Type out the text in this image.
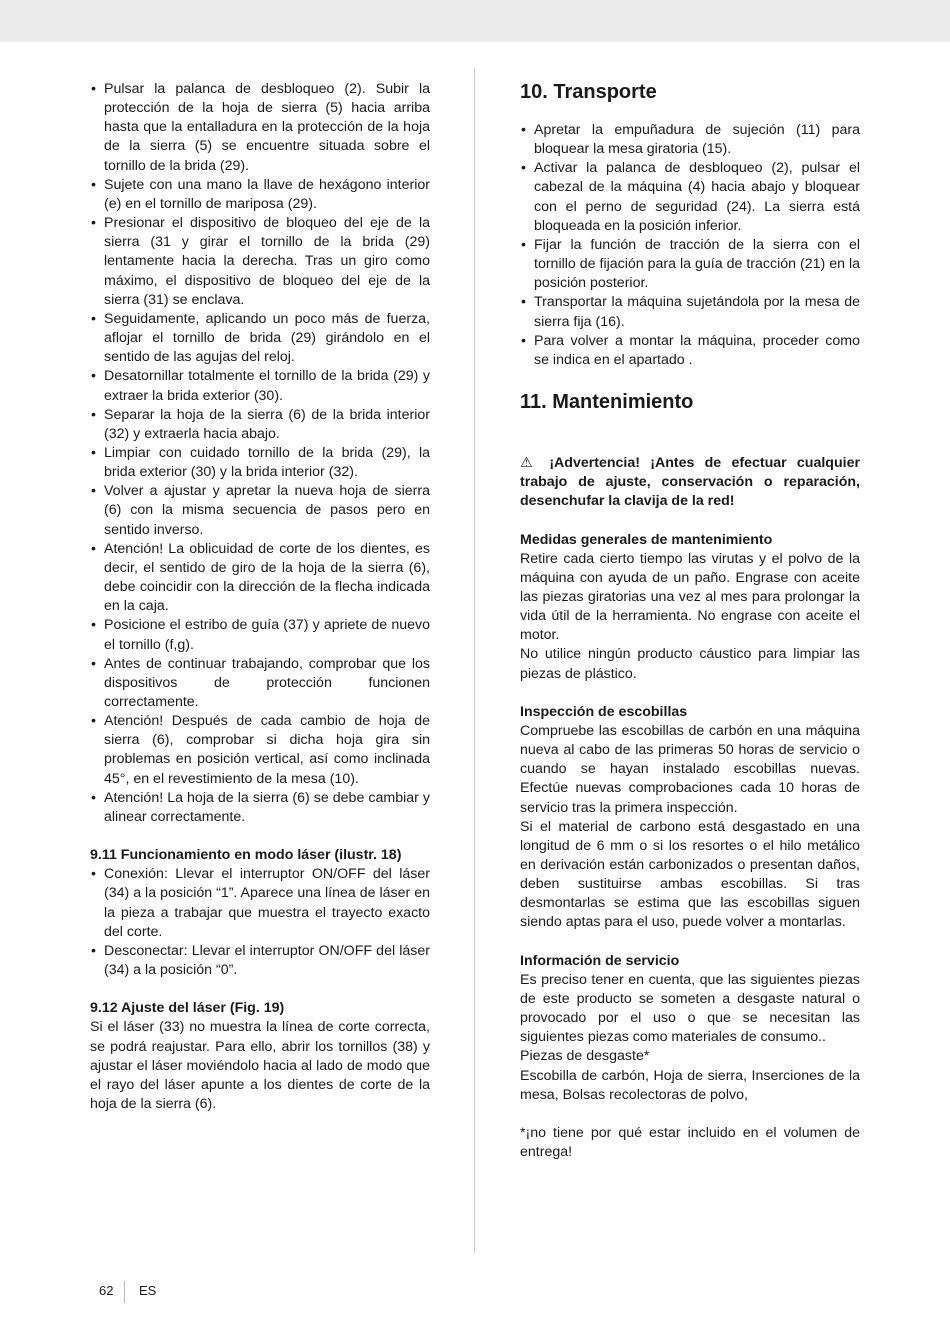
• Pulsar la palanca de desbloqueo (2). Subir la protección de la hoja de sierra (5) hacia arriba hasta que la entalladura en la protección de la hoja de la sierra (5) se encuentre situada sobre el tornillo de la brida (29).
• Sujete con una mano la llave de hexágono interior (e) en el tornillo de mariposa (29).
• Presionar el dispositivo de bloqueo del eje de la sierra (31 y girar el tornillo de la brida (29) lentamente hacia la derecha. Tras un giro como máximo, el dispositivo de bloqueo del eje de la sierra (31) se enclava.
• Seguidamente, aplicando un poco más de fuerza, aflojar el tornillo de brida (29) girándolo en el sentido de las agujas del reloj.
• Desatornillar totalmente el tornillo de la brida (29) y extraer la brida exterior (30).
• Separar la hoja de la sierra (6) de la brida interior (32) y extraerla hacia abajo.
• Limpiar con cuidado tornillo de la brida (29), la brida exterior (30) y la brida interior (32).
• Volver a ajustar y apretar la nueva hoja de sierra (6) con la misma secuencia de pasos pero en sentido inverso.
• Atención! La oblicuidad de corte de los dientes, es decir, el sentido de giro de la hoja de la sierra (6), debe coincidir con la dirección de la flecha indicada en la caja.
• Posicione el estribo de guía (37) y apriete de nuevo el tornillo (f,g).
• Antes de continuar trabajando, comprobar que los dispositivos de protección funcionen correctamente.
• Atención! Después de cada cambio de hoja de sierra (6), comprobar si dicha hoja gira sin problemas en posición vertical, así como inclinada 45°, en el revestimiento de la mesa (10).
• Atención! La hoja de la sierra (6) se debe cambiar y alinear correctamente.

9.11 Funcionamiento en modo láser (ilustr. 18)

• Conexión: Llevar el interruptor ON/OFF del láser (34) a la posición “1”. Aparece una línea de láser en la pieza a trabajar que muestra el trayecto exacto del corte.
• Desconectar: Llevar el interruptor ON/OFF del láser (34) a la posición “0”.

9.12 Ajuste del láser (Fig. 19)

Si el láser (33) no muestra la línea de corte correcta, se podrá reajustar. Para ello, abrir los tornillos (38) y ajustar el láser moviéndolo hacia al lado de modo que el rayo del láser apunte a los dientes de corte de la hoja de la sierra (6).

10. Transporte
• Apretar la empuñadura de sujeción (11) para bloquear la mesa giratoria (15).
• Activar la palanca de desbloqueo (2), pulsar el cabezal de la máquina (4) hacia abajo y bloquear con el perno de seguridad (24). La sierra está bloqueada en la posición inferior.
• Fijar la función de tracción de la sierra con el tornillo de fijación para la guía de tracción (21) en la posición posterior.
• Transportar la máquina sujetándola por la mesa de sierra fija (16).
• Para volver a montar la máquina, proceder como se indica en el apartado .
11. Mantenimiento

⚠ ¡Advertencia! ¡Antes de efectuar cualquier trabajo de ajuste, conservación o reparación, desenchufar la clavija de la red!

Medidas generales de mantenimiento

Retire cada cierto tiempo las virutas y el polvo de la máquina con ayuda de un paño. Engrase con aceite las piezas giratorias una vez al mes para prolongar la vida útil de la herramienta. No engrase con aceite el motor.

No utilice ningún producto cáustico para limpiar las piezas de plástico.

Inspección de escobillas

Compruebe las escobillas de carbón en una máquina nueva al cabo de las primeras 50 horas de servicio o cuando se hayan instalado escobillas nuevas. Efectúe nuevas comprobaciones cada 10 horas de servicio tras la primera inspección.

Si el material de carbono está desgastado en una longitud de 6 mm o si los resortes o el hilo metálico en derivación están carbonizados o presentan daños, deben sustituirse ambas escobillas. Si tras desmontarlas se estima que las escobillas siguen siendo aptas para el uso, puede volver a montarlas.

Información de servicio

Es preciso tener en cuenta, que las siguientes piezas de este producto se someten a desgaste natural o provocado por el uso o que se necesitan las siguientes piezas como materiales de consumo..

Piezas de desgaste*

Escobilla de carbón, Hoja de sierra, Inserciones de la mesa, Bolsas recolectoras de polvo,

*¡no tiene por qué estar incluido en el volumen de entrega!

62 ES
